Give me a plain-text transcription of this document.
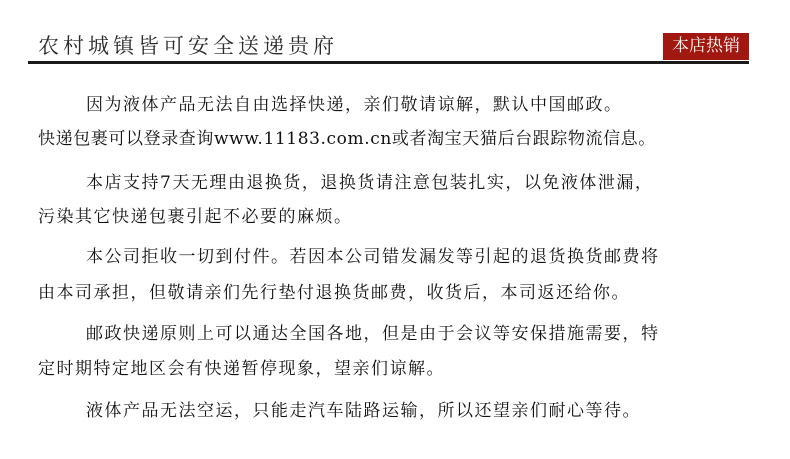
农村城镇皆可安全送递贵府	本店热销
因为液体产品无法自由选择快递，亲们敬请谅解，默认中国邮政。
快递包裹可以登录查询www.11183.com.cn或者淘宝天猫后台跟踪物流信息。
本店支持7天无理由退换货，退换货请注意包装扎实，以免液体泄漏，
污染其它快递包裹引起不必要的麻烦。
本公司拒收一切到付件。若因本公司错发漏发等引起的退货换货邮费将
由本司承担，但敬请亲们先行垫付退换货邮费，收货后，本司返还给你。
邮政快递原则上可以通达全国各地，但是由于会议等安保措施需要，特
定时期特定地区会有快递暂停现象，望亲们谅解。
液体产品无法空运，只能走汽车陆路运输，所以还望亲们耐心等待。
